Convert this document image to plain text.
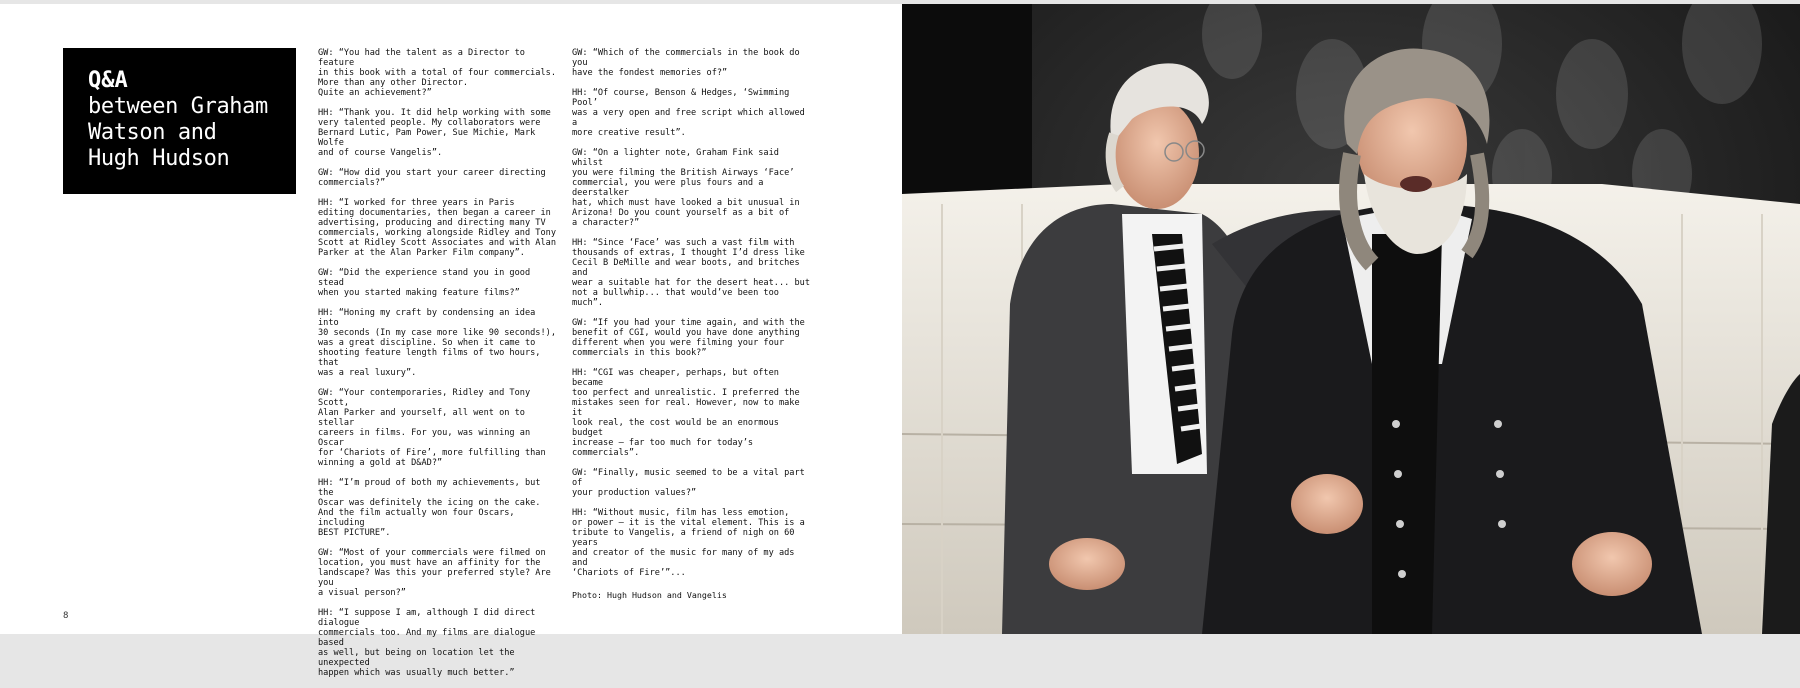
Q&A
between Graham
Watson and
Hugh Hudson

GW: “You had the talent as a Director to feature
in this book with a total of four commercials.
More than any other Director.
Quite an achievement?”

HH: “Thank you. It did help working with some
very talented people. My collaborators were
Bernard Lutic, Pam Power, Sue Michie, Mark Wolfe
and of course Vangelis”.

GW: “How did you start your career directing
commercials?”

HH: “I worked for three years in Paris
editing documentaries, then began a career in
advertising, producing and directing many TV
commercials, working alongside Ridley and Tony
Scott at Ridley Scott Associates and with Alan
Parker at the Alan Parker Film company”.

GW: “Did the experience stand you in good stead
when you started making feature films?”

HH: “Honing my craft by condensing an idea into
30 seconds (In my case more like 90 seconds!),
was a great discipline. So when it came to
shooting feature length films of two hours, that
was a real luxury”.

GW: “Your contemporaries, Ridley and Tony Scott,
Alan Parker and yourself, all went on to stellar
careers in films. For you, was winning an Oscar
for ‘Chariots of Fire’, more fulfilling than
winning a gold at D&AD?”

HH: “I’m proud of both my achievements, but the
Oscar was definitely the icing on the cake.
And the film actually won four Oscars, including
BEST PICTURE”.

GW: “Most of your commercials were filmed on
location, you must have an affinity for the
landscape? Was this your preferred style? Are you
a visual person?”

HH: “I suppose I am, although I did direct dialogue
commercials too. And my films are dialogue based
as well, but being on location let the unexpected
happen which was usually much better.”

GW: “Which of the commercials in the book do you
have the fondest memories of?”

HH: “Of course, Benson & Hedges, ‘Swimming Pool’
was a very open and free script which allowed a
more creative result”.

GW: “On a lighter note, Graham Fink said whilst
you were filming the British Airways ‘Face’
commercial, you were plus fours and a deerstalker
hat, which must have looked a bit unusual in
Arizona! Do you count yourself as a bit of
a character?”

HH: “Since ‘Face’ was such a vast film with
thousands of extras, I thought I’d dress like
Cecil B DeMille and wear boots, and britches and
wear a suitable hat for the desert heat... but
not a bullwhip... that would’ve been too much”.

GW: “If you had your time again, and with the
benefit of CGI, would you have done anything
different when you were filming your four
commercials in this book?”

HH: “CGI was cheaper, perhaps, but often became
too perfect and unrealistic. I preferred the
mistakes seen for real. However, now to make it
look real, the cost would be an enormous budget
increase – far too much for today’s commercials”.

GW: “Finally, music seemed to be a vital part of
your production values?”

HH: “Without music, film has less emotion,
or power – it is the vital element. This is a
tribute to Vangelis, a friend of nigh on 60 years
and creator of the music for many of my ads and
‘Chariots of Fire’”...

Photo: Hugh Hudson and Vangelis
8
